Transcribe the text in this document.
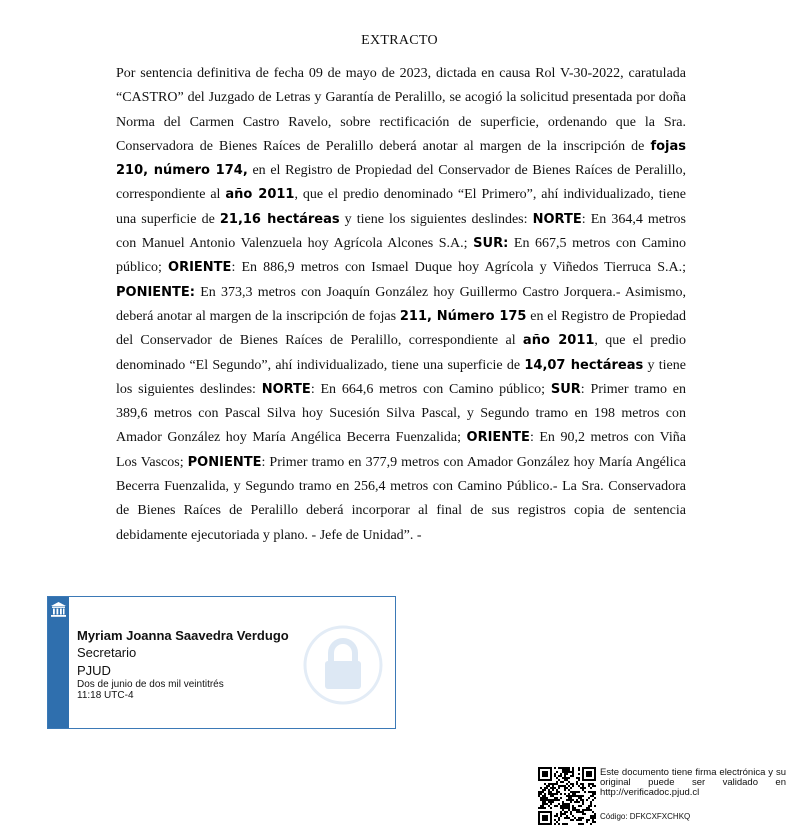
EXTRACTO
Por sentencia definitiva de fecha 09 de mayo de 2023, dictada en causa Rol V-30-2022, caratulada “CASTRO” del Juzgado de Letras y Garantía de Peralillo, se acogió la solicitud presentada por doña Norma del Carmen Castro Ravelo, sobre rectificación de superficie, ordenando que la Sra. Conservadora de Bienes Raíces de Peralillo deberá anotar al margen de la inscripción de fojas 210, número 174, en el Registro de Propiedad del Conservador de Bienes Raíces de Peralillo, correspondiente al año 2011, que el predio denominado “El Primero”, ahí individualizado, tiene una superficie de 21,16 hectáreas y tiene los siguientes deslindes: NORTE: En 364,4 metros con Manuel Antonio Valenzuela hoy Agrícola Alcones S.A.; SUR: En 667,5 metros con Camino público; ORIENTE: En 886,9 metros con Ismael Duque hoy Agrícola y Viñedos Tierruca S.A.; PONIENTE: En 373,3 metros con Joaquín González hoy Guillermo Castro Jorquera.- Asimismo, deberá anotar al margen de la inscripción de fojas 211, Número 175 en el Registro de Propiedad del Conservador de Bienes Raíces de Peralillo, correspondiente al año 2011, que el predio denominado “El Segundo”, ahí individualizado, tiene una superficie de 14,07 hectáreas y tiene los siguientes deslindes: NORTE: En 664,6 metros con Camino público; SUR: Primer tramo en 389,6 metros con Pascal Silva hoy Sucesión Silva Pascal, y Segundo tramo en 198 metros con Amador González hoy María Angélica Becerra Fuenzalida; ORIENTE: En 90,2 metros con Viña Los Vascos; PONIENTE: Primer tramo en 377,9 metros con Amador González hoy María Angélica Becerra Fuenzalida, y Segundo tramo en 256,4 metros con Camino Público.- La Sra. Conservadora de Bienes Raíces de Peralillo deberá incorporar al final de sus registros copia de sentencia debidamente ejecutoriada y plano. - Jefe de Unidad”. -
Myriam Joanna Saavedra Verdugo
Secretario
PJUD
Dos de junio de dos mil veintitrés
11:18 UTC-4
Este documento tiene firma electrónica y su original puede ser validado en http://verificadoc.pjud.cl
Código: DFKCXFXCHKQ
